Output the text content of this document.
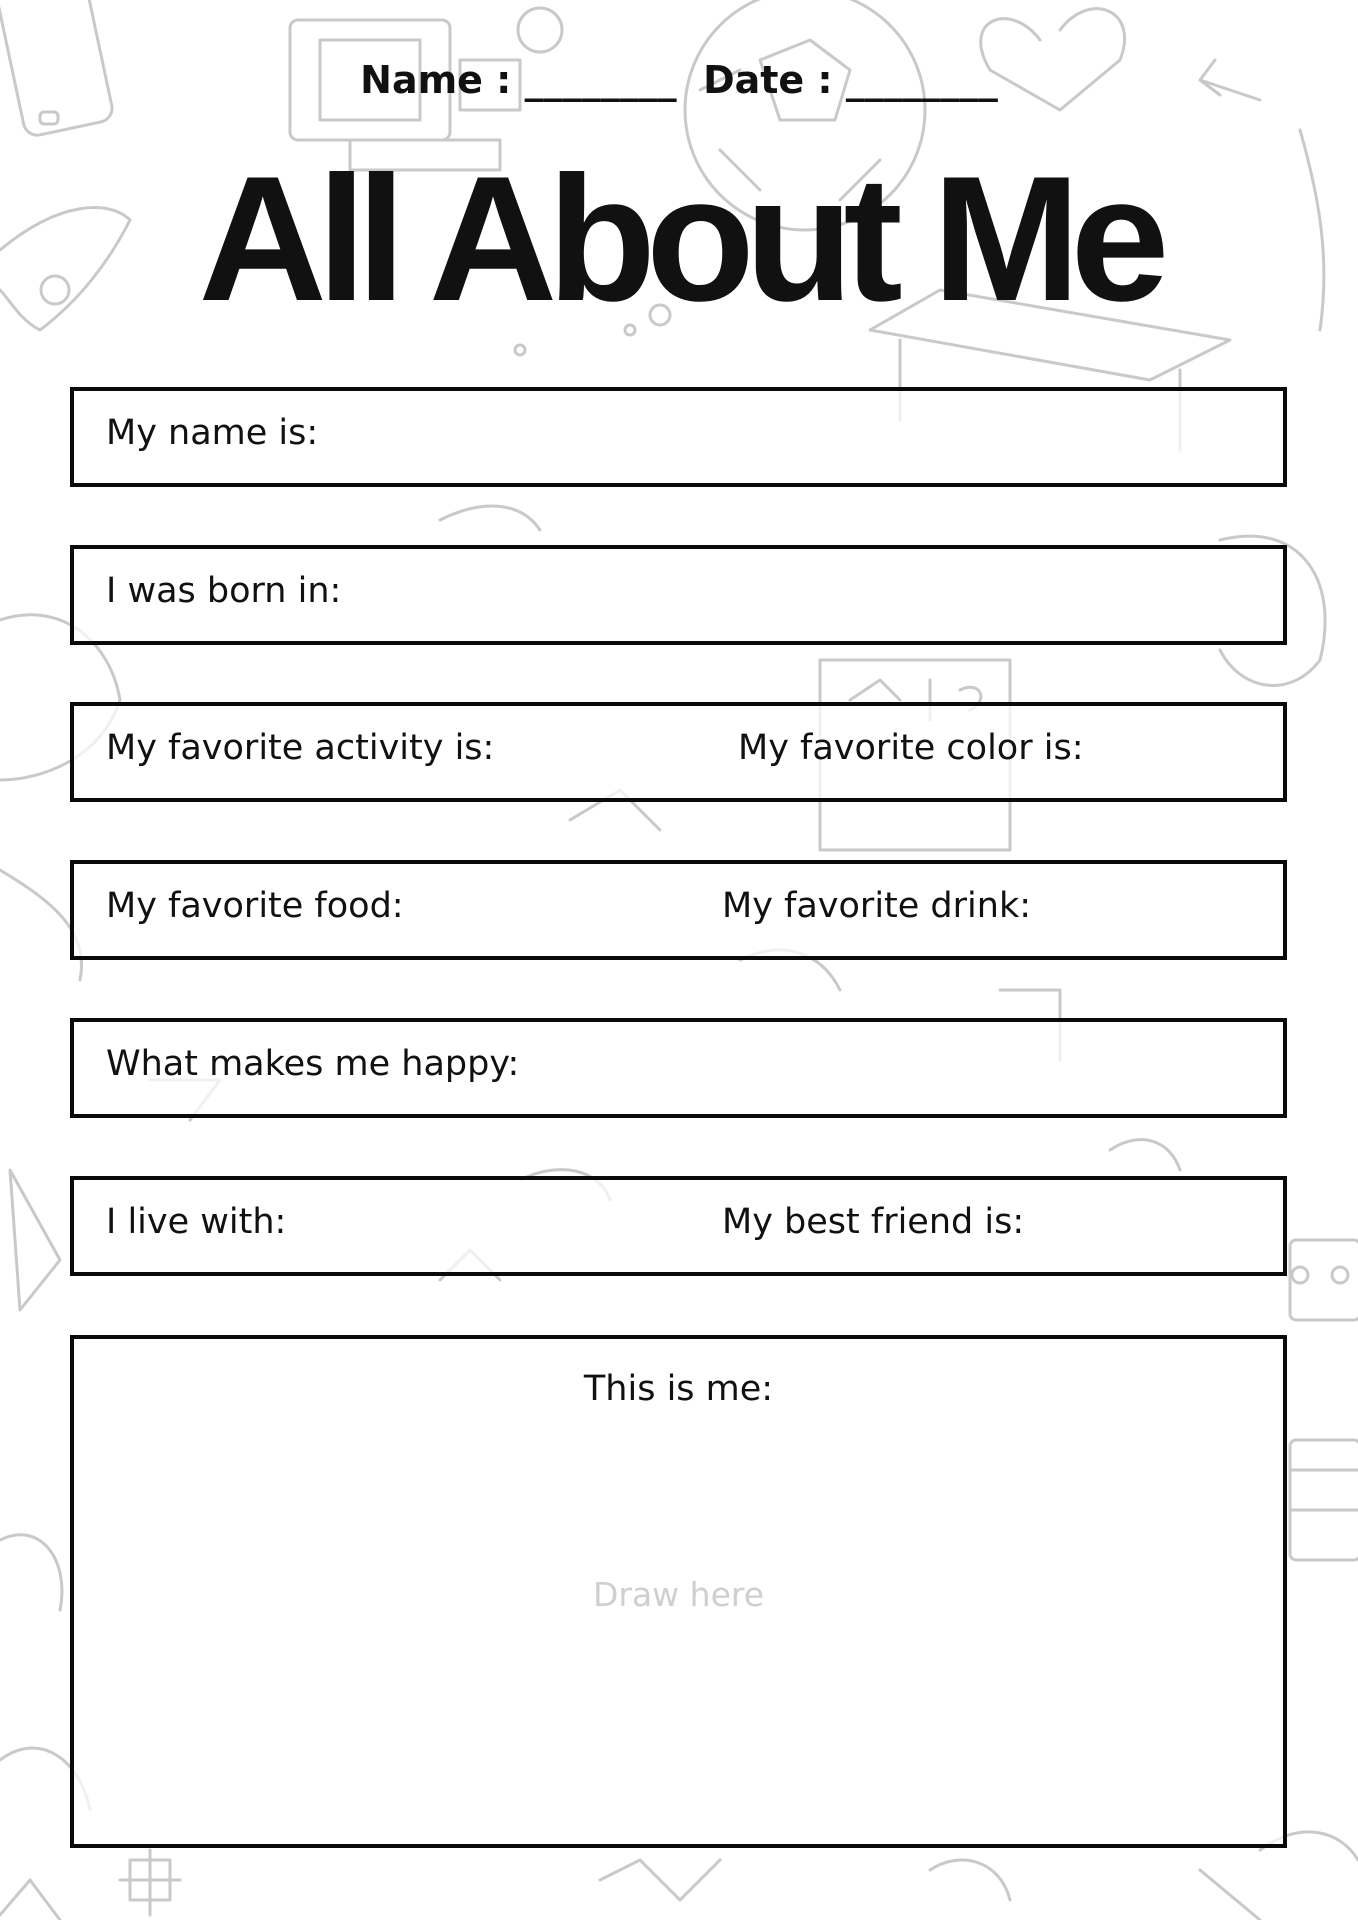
Name : ________  Date : ________
All About Me
My name is:
I was born in:
My favorite activity is:	My favorite color is:
My favorite food:	My favorite drink:
What makes me happy:
I live with:	My best friend is:
This is me:
Draw here
